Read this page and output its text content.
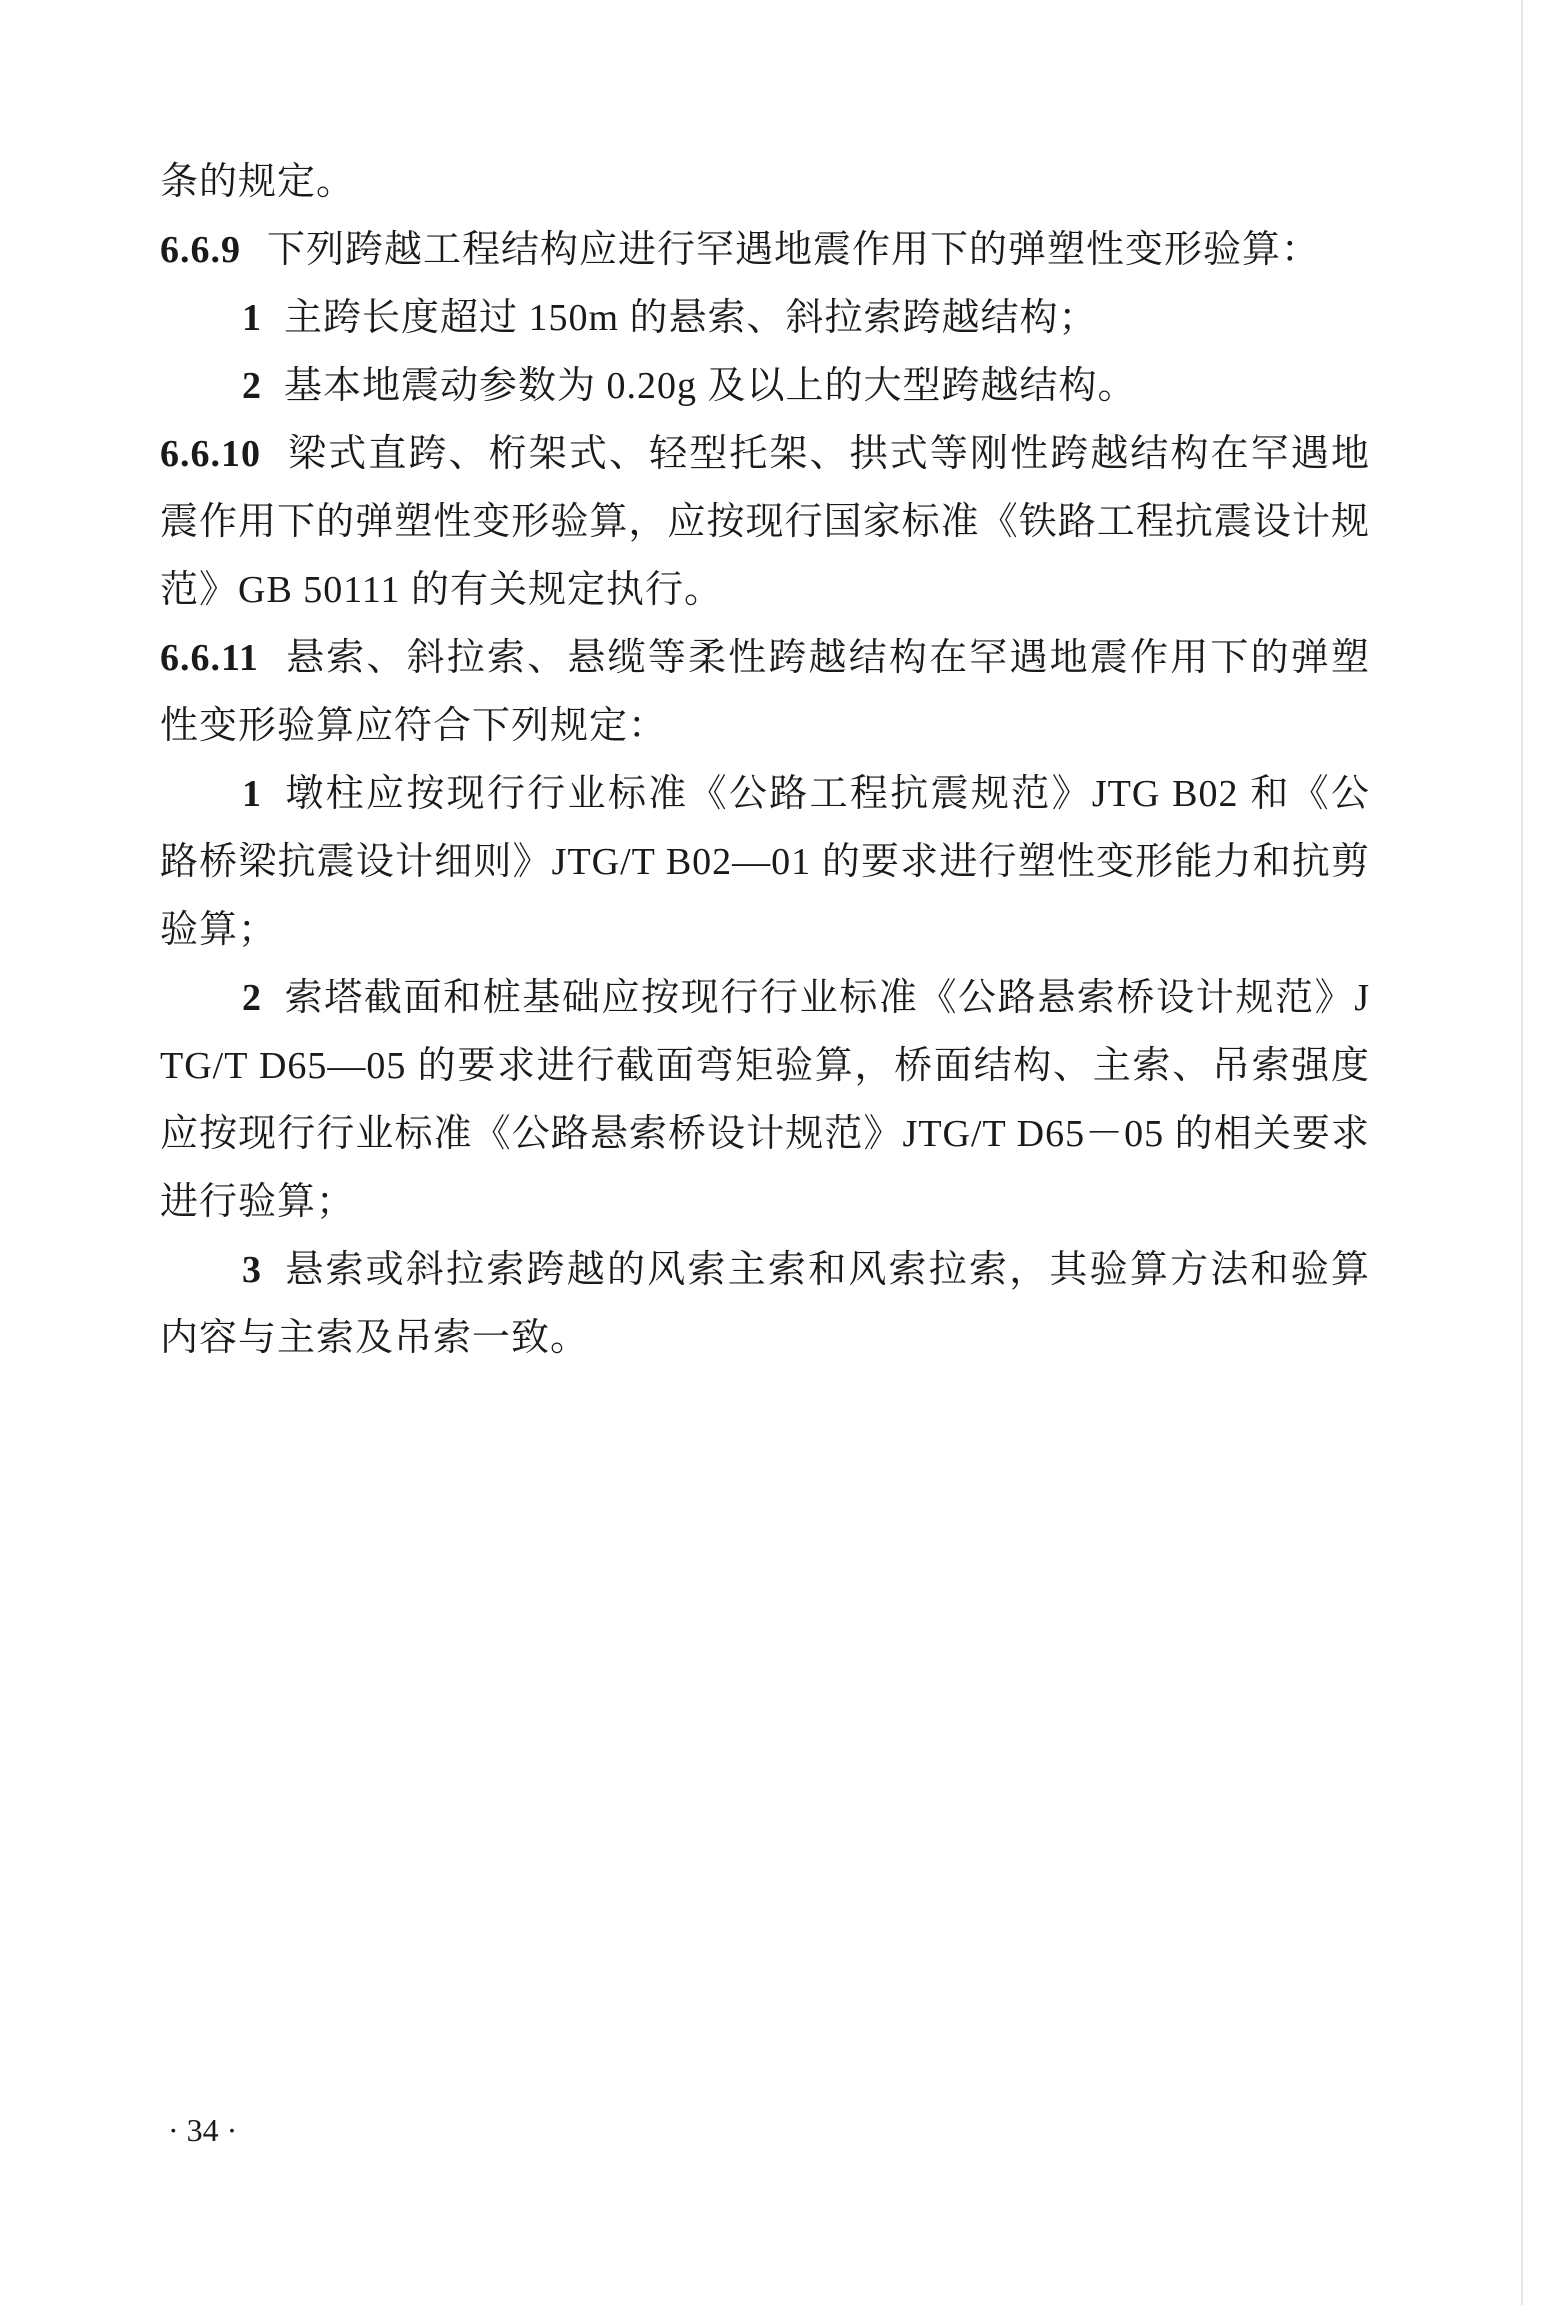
条的规定。

6.6.9 下列跨越工程结构应进行罕遇地震作用下的弹塑性变形验算：

1 主跨长度超过 150m 的悬索、斜拉索跨越结构；

2 基本地震动参数为 0.20g 及以上的大型跨越结构。

6.6.10 梁式直跨、桁架式、轻型托架、拱式等刚性跨越结构在罕遇地震作用下的弹塑性变形验算，应按现行国家标准《铁路工程抗震设计规范》GB 50111 的有关规定执行。

6.6.11 悬索、斜拉索、悬缆等柔性跨越结构在罕遇地震作用下的弹塑性变形验算应符合下列规定：

1 墩柱应按现行行业标准《公路工程抗震规范》JTG B02 和《公路桥梁抗震设计细则》JTG/T B02—01 的要求进行塑性变形能力和抗剪验算；

2 索塔截面和桩基础应按现行行业标准《公路悬索桥设计规范》JTG/T D65—05 的要求进行截面弯矩验算，桥面结构、主索、吊索强度应按现行行业标准《公路悬索桥设计规范》JTG/T D65－05 的相关要求进行验算；

3 悬索或斜拉索跨越的风索主索和风索拉索，其验算方法和验算内容与主索及吊索一致。

· 34 ·
